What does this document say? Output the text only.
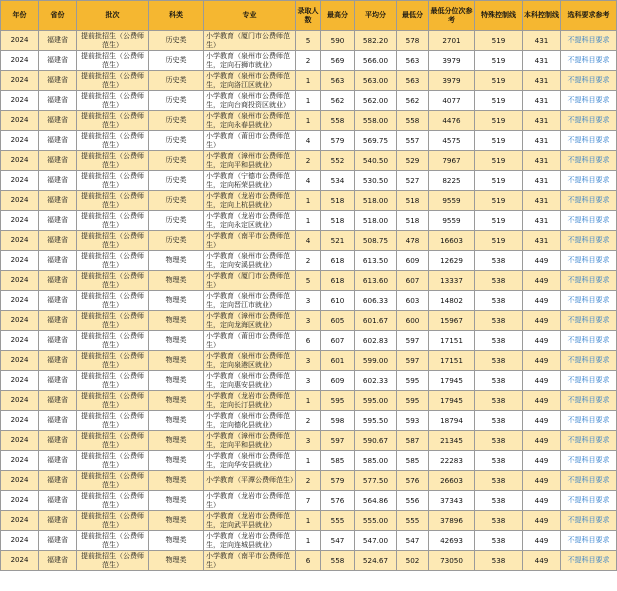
年份	省份	批次	科类	专业	录取人数	最高分	平均分	最低分	最低分位次参考	特殊控制线	本科控制线	选科要求参考
2024	福建省	提前批招生（公费师范生）	历史类	小学教育（厦门市公费师范生）	5	590	582.20	578	2701	519	431	不提科目要求
2024	福建省	提前批招生（公费师范生）	历史类	小学教育（泉州市公费师范生，定向石狮市就业）	2	569	566.00	563	3979	519	431	不提科目要求
2024	福建省	提前批招生（公费师范生）	历史类	小学教育（泉州市公费师范生，定向洛江区就业）	1	563	563.00	563	3979	519	431	不提科目要求
2024	福建省	提前批招生（公费师范生）	历史类	小学教育（泉州市公费师范生，定向台商投资区就业）	1	562	562.00	562	4077	519	431	不提科目要求
2024	福建省	提前批招生（公费师范生）	历史类	小学教育（泉州市公费师范生，定向永春县就业）	1	558	558.00	558	4476	519	431	不提科目要求
2024	福建省	提前批招生（公费师范生）	历史类	小学教育（莆田市公费师范生）	4	579	569.75	557	4575	519	431	不提科目要求
2024	福建省	提前批招生（公费师范生）	历史类	小学教育（漳州市公费师范生，定向平和县就业）	2	552	540.50	529	7967	519	431	不提科目要求
2024	福建省	提前批招生（公费师范生）	历史类	小学教育（宁德市公费师范生，定向柘荣县就业）	4	534	530.50	527	8225	519	431	不提科目要求
2024	福建省	提前批招生（公费师范生）	历史类	小学教育（龙岩市公费师范生，定向上杭县就业）	1	518	518.00	518	9559	519	431	不提科目要求
2024	福建省	提前批招生（公费师范生）	历史类	小学教育（龙岩市公费师范生，定向永定区就业）	1	518	518.00	518	9559	519	431	不提科目要求
2024	福建省	提前批招生（公费师范生）	历史类	小学教育（南平市公费师范生）	4	521	508.75	478	16603	519	431	不提科目要求
2024	福建省	提前批招生（公费师范生）	物理类	小学教育（泉州市公费师范生，定向安溪县就业）	2	618	613.50	609	12629	538	449	不提科目要求
2024	福建省	提前批招生（公费师范生）	物理类	小学教育（厦门市公费师范生）	5	618	613.60	607	13337	538	449	不提科目要求
2024	福建省	提前批招生（公费师范生）	物理类	小学教育（泉州市公费师范生，定向晋江市就业）	3	610	606.33	603	14802	538	449	不提科目要求
2024	福建省	提前批招生（公费师范生）	物理类	小学教育（漳州市公费师范生，定向龙海区就业）	3	605	601.67	600	15967	538	449	不提科目要求
2024	福建省	提前批招生（公费师范生）	物理类	小学教育（莆田市公费师范生）	6	607	602.83	597	17151	538	449	不提科目要求
2024	福建省	提前批招生（公费师范生）	物理类	小学教育（泉州市公费师范生，定向泉港区就业）	3	601	599.00	597	17151	538	449	不提科目要求
2024	福建省	提前批招生（公费师范生）	物理类	小学教育（泉州市公费师范生，定向惠安县就业）	3	609	602.33	595	17945	538	449	不提科目要求
2024	福建省	提前批招生（公费师范生）	物理类	小学教育（龙岩市公费师范生，定向长汀县就业）	1	595	595.00	595	17945	538	449	不提科目要求
2024	福建省	提前批招生（公费师范生）	物理类	小学教育（泉州市公费师范生，定向德化县就业）	2	598	595.50	593	18794	538	449	不提科目要求
2024	福建省	提前批招生（公费师范生）	物理类	小学教育（漳州市公费师范生，定向平和县就业）	3	597	590.67	587	21345	538	449	不提科目要求
2024	福建省	提前批招生（公费师范生）	物理类	小学教育（泉州市公费师范生，定向华安县就业）	1	585	585.00	585	22283	538	449	不提科目要求
2024	福建省	提前批招生（公费师范生）	物理类	小学教育（平潭公费师范生）	2	579	577.50	576	26603	538	449	不提科目要求
2024	福建省	提前批招生（公费师范生）	物理类	小学教育（龙岩市公费师范生）	7	576	564.86	556	37343	538	449	不提科目要求
2024	福建省	提前批招生（公费师范生）	物理类	小学教育（龙岩市公费师范生，定向武平县就业）	1	555	555.00	555	37896	538	449	不提科目要求
2024	福建省	提前批招生（公费师范生）	物理类	小学教育（龙岩市公费师范生，定向连城县就业）	1	547	547.00	547	42693	538	449	不提科目要求
2024	福建省	提前批招生（公费师范生）	物理类	小学教育（南平市公费师范生）	6	558	524.67	502	73050	538	449	不提科目要求
